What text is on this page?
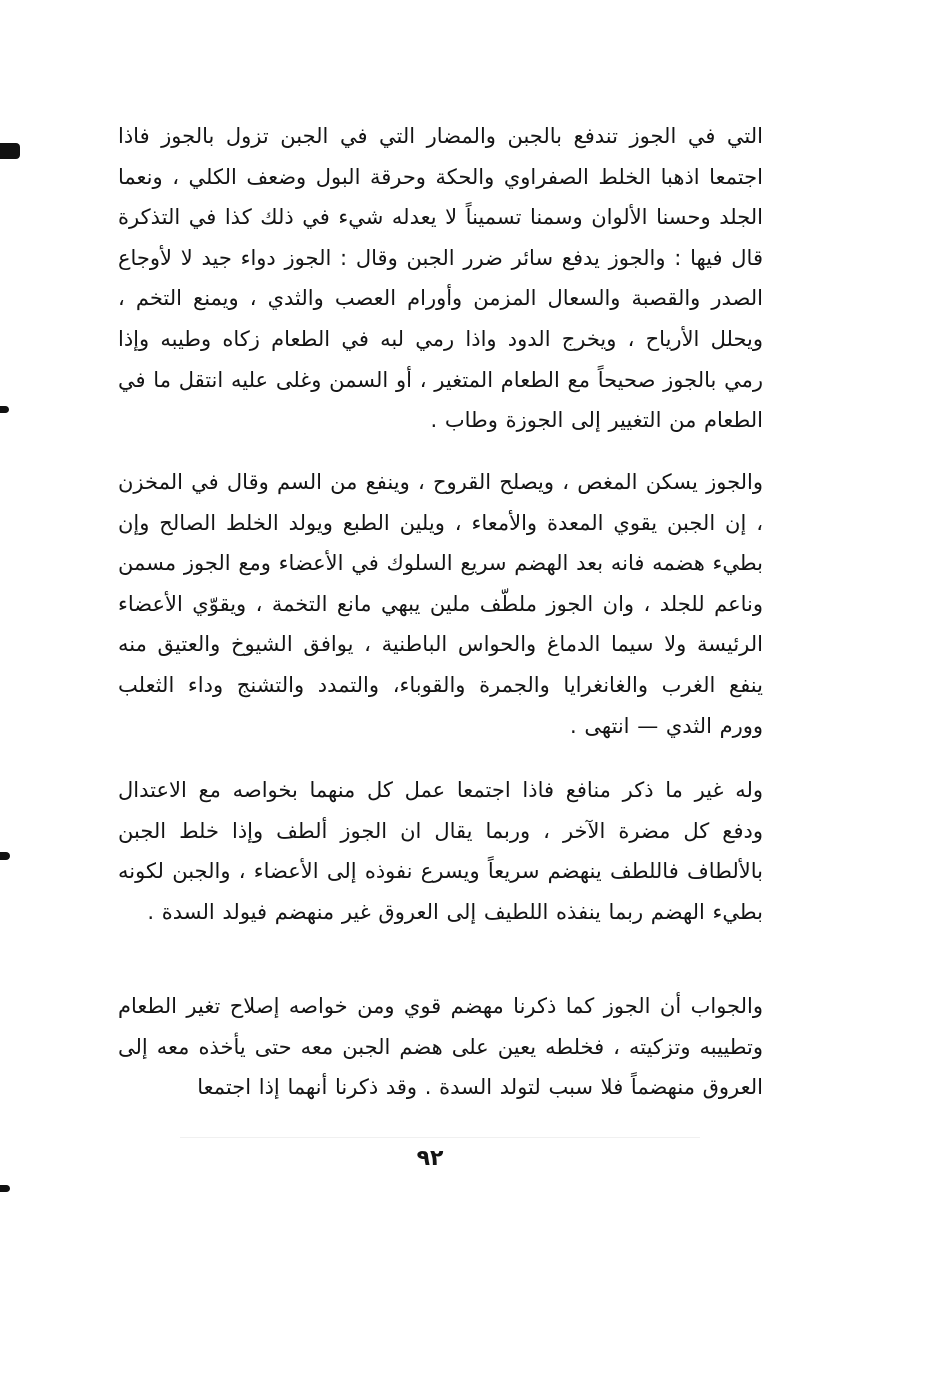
التي في الجوز تندفع بالجبن والمضار التي في الجبن تزول بالجوز فاذا اجتمعا اذهبا الخلط الصفراوي والحكة وحرقة البول وضعف الكلي ، ونعما الجلد وحسنا الألوان وسمنا تسميناً لا يعدله شيء في ذلك كذا في التذكرة قال فيها : والجوز يدفع سائر ضرر الجبن وقال : الجوز دواء جيد لا لأوجاع الصدر والقصبة والسعال المزمن وأورام العصب والثدي ، ويمنع التخم ، ويحلل الأرياح ، ويخرج الدود واذا رمي لبه في الطعام زكاه وطيبه وإذا رمي بالجوز صحيحاً مع الطعام المتغير ، أو السمن وغلى عليه انتقل ما في الطعام من التغيير إلى الجوزة وطاب .

والجوز يسكن المغص ، ويصلح القروح ، وينفع من السم وقال في المخزن ، إن الجبن يقوي المعدة والأمعاء ، ويلين الطبع ويولد الخلط الصالح وإن بطيء هضمه فانه بعد الهضم سريع السلوك في الأعضاء ومع الجوز مسمن وناعم للجلد ، وان الجوز ملطّف ملين يبهي مانع التخمة ، ويقوّي الأعضاء الرئيسة ولا سيما الدماغ والحواس الباطنية ، يوافق الشيوخ والعتيق منه ينفع الغرب والغانغرايا والجمرة والقوباء، والتمدد والتشنج وداء الثعلب وورم الثدي — انتهى .

وله غير ما ذكر منافع فاذا اجتمعا عمل كل منهما بخواصه مع الاعتدال ودفع كل مضرة الآخر ، وربما يقال ان الجوز ألطف وإذا خلط الجبن بالألطاف فاللطف ينهضم سريعاً ويسرع نفوذه إلى الأعضاء ، والجبن لكونه بطيء الهضم ربما ينفذه اللطيف إلى العروق غير منهضم فيولد السدة .

والجواب أن الجوز كما ذكرنا مهضم قوي ومن خواصه إصلاح تغير الطعام وتطييبه وتزكيته ، فخلطه يعين على هضم الجبن معه حتى يأخذه معه إلى العروق منهضماً فلا سبب لتولد السدة . وقد ذكرنا أنهما إذا اجتمعا

٩٢
